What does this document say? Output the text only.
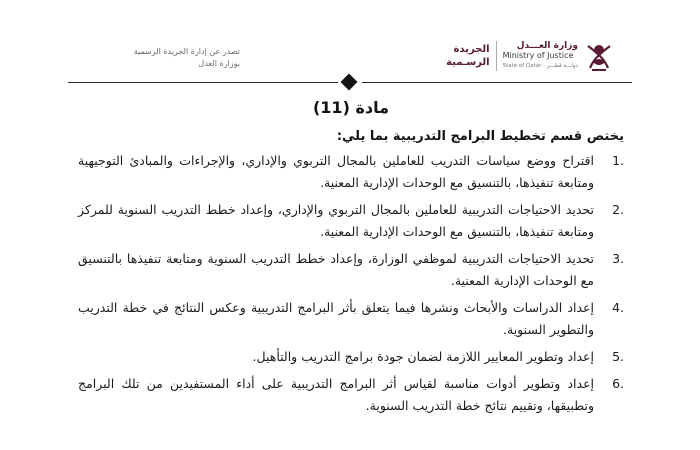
تصدر عن إدارة الجريدة الرسمية
بوزارة العدل
وزارة العـــدل
Ministry of Justice
State of Qatar · دولـــة قطـــر
الجريدة
الرسـمية
مادة (11)
يختص قسم تخطيط البرامج التدريبية بما يلي:
1.
اقتراح ووضع سياسات التدريب للعاملين بالمجال التربوي والإداري، والإجراءات والمبادئ التوجيهية ومتابعة تنفيذها، بالتنسيق مع الوحدات الإدارية المعنية.
2.
تحديد الاحتياجات التدريبية للعاملين بالمجال التربوي والإداري، وإعداد خطط التدريب السنوية للمركز ومتابعة تنفيذها، بالتنسيق مع الوحدات الإدارية المعنية.
3.
تحديد الاحتياجات التدريبية لموظفي الوزارة، وإعداد خطط التدريب السنوية ومتابعة تنفيذها بالتنسيق مع الوحدات الإدارية المعنية.
4.
إعداد الدراسات والأبحاث ونشرها فيما يتعلق بأثر البرامج التدريبية وعكس النتائج في خطة التدريب والتطوير السنوية.
5.
إعداد وتطوير المعايير اللازمة لضمان جودة برامج التدريب والتأهيل.
6.
إعداد وتطوير أدوات مناسبة لقياس أثر البرامج التدريبية على أداء المستفيدين من تلك البرامج وتطبيقها، وتقييم نتائج خطة التدريب السنوية.
